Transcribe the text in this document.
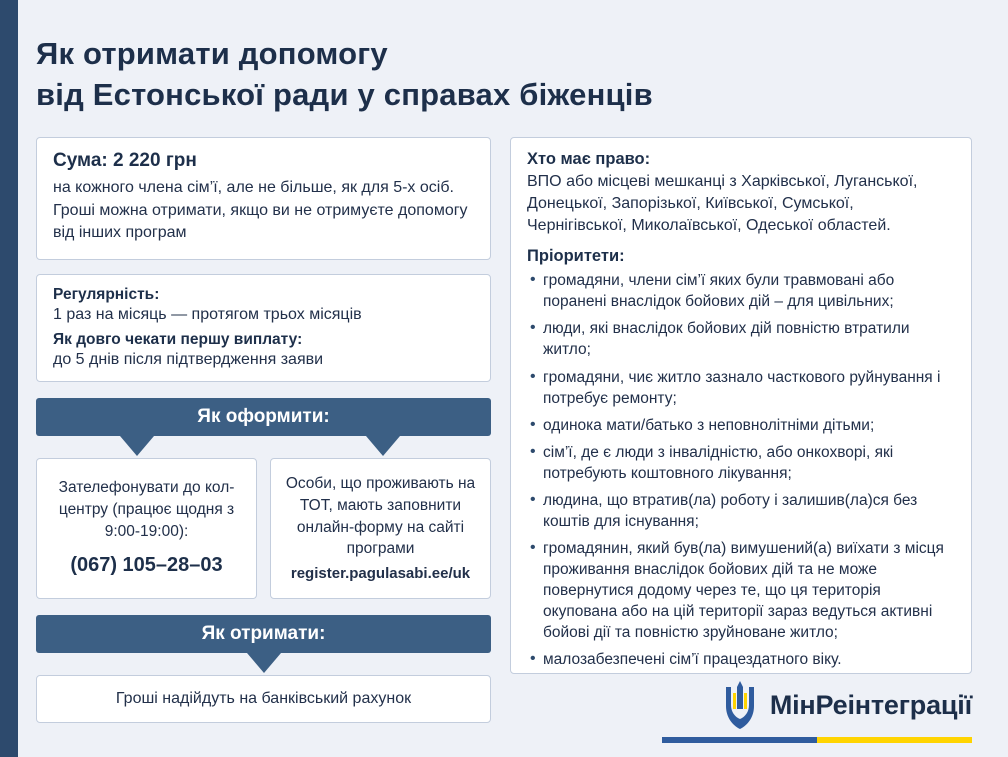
Як отримати допомогу
від Естонської ради у справах біженців
Сума: 2 220 грн
на кожного члена сім’ї, але не більше, як для 5-х осіб. Гроші можна отримати, якщо ви не отримуєте допомогу від інших програм
Регулярність:
1 раз на місяць — протягом трьох місяців
Як довго чекати першу виплату:
до 5 днів після підтвердження заяви
Як оформити:
Зателефонувати до кол-центру (працює щодня з 9:00-19:00):
(067) 105–28–03
Особи, що проживають на ТОТ, мають заповнити онлайн-форму на сайті програми
register.pagulasabi.ee/uk
Як отримати:
Гроші надійдуть на банківський рахунок
Хто має право:
ВПО або місцеві мешканці з Харківської, Луганської, Донецької, Запорізької, Київської, Сумської, Чернігівської, Миколаївської, Одеської областей.
Пріоритети:
• громадяни, члени сім’ї яких були травмовані або поранені внаслідок бойових дій – для цивільних;
• люди, які внаслідок бойових дій повністю втратили житло;
• громадяни, чиє житло зазнало часткового руйнування і потребує ремонту;
• одинока мати/батько з неповнолітніми дітьми;
• сім’ї, де є люди з інвалідністю, або онкохворі, які потребують коштовного лікування;
• людина, що втратив(ла) роботу і залишив(ла)ся без коштів для існування;
• громадянин, який був(ла) вимушений(а) виїхати з місця проживання внаслідок бойових дій та не може повернутися додому через те, що ця територія окупована або на цій території зараз ведуться активні бойові дії та повністю зруйноване житло;
• малозабезпечені сім’ї працездатного віку.
МінРеінтеграції
